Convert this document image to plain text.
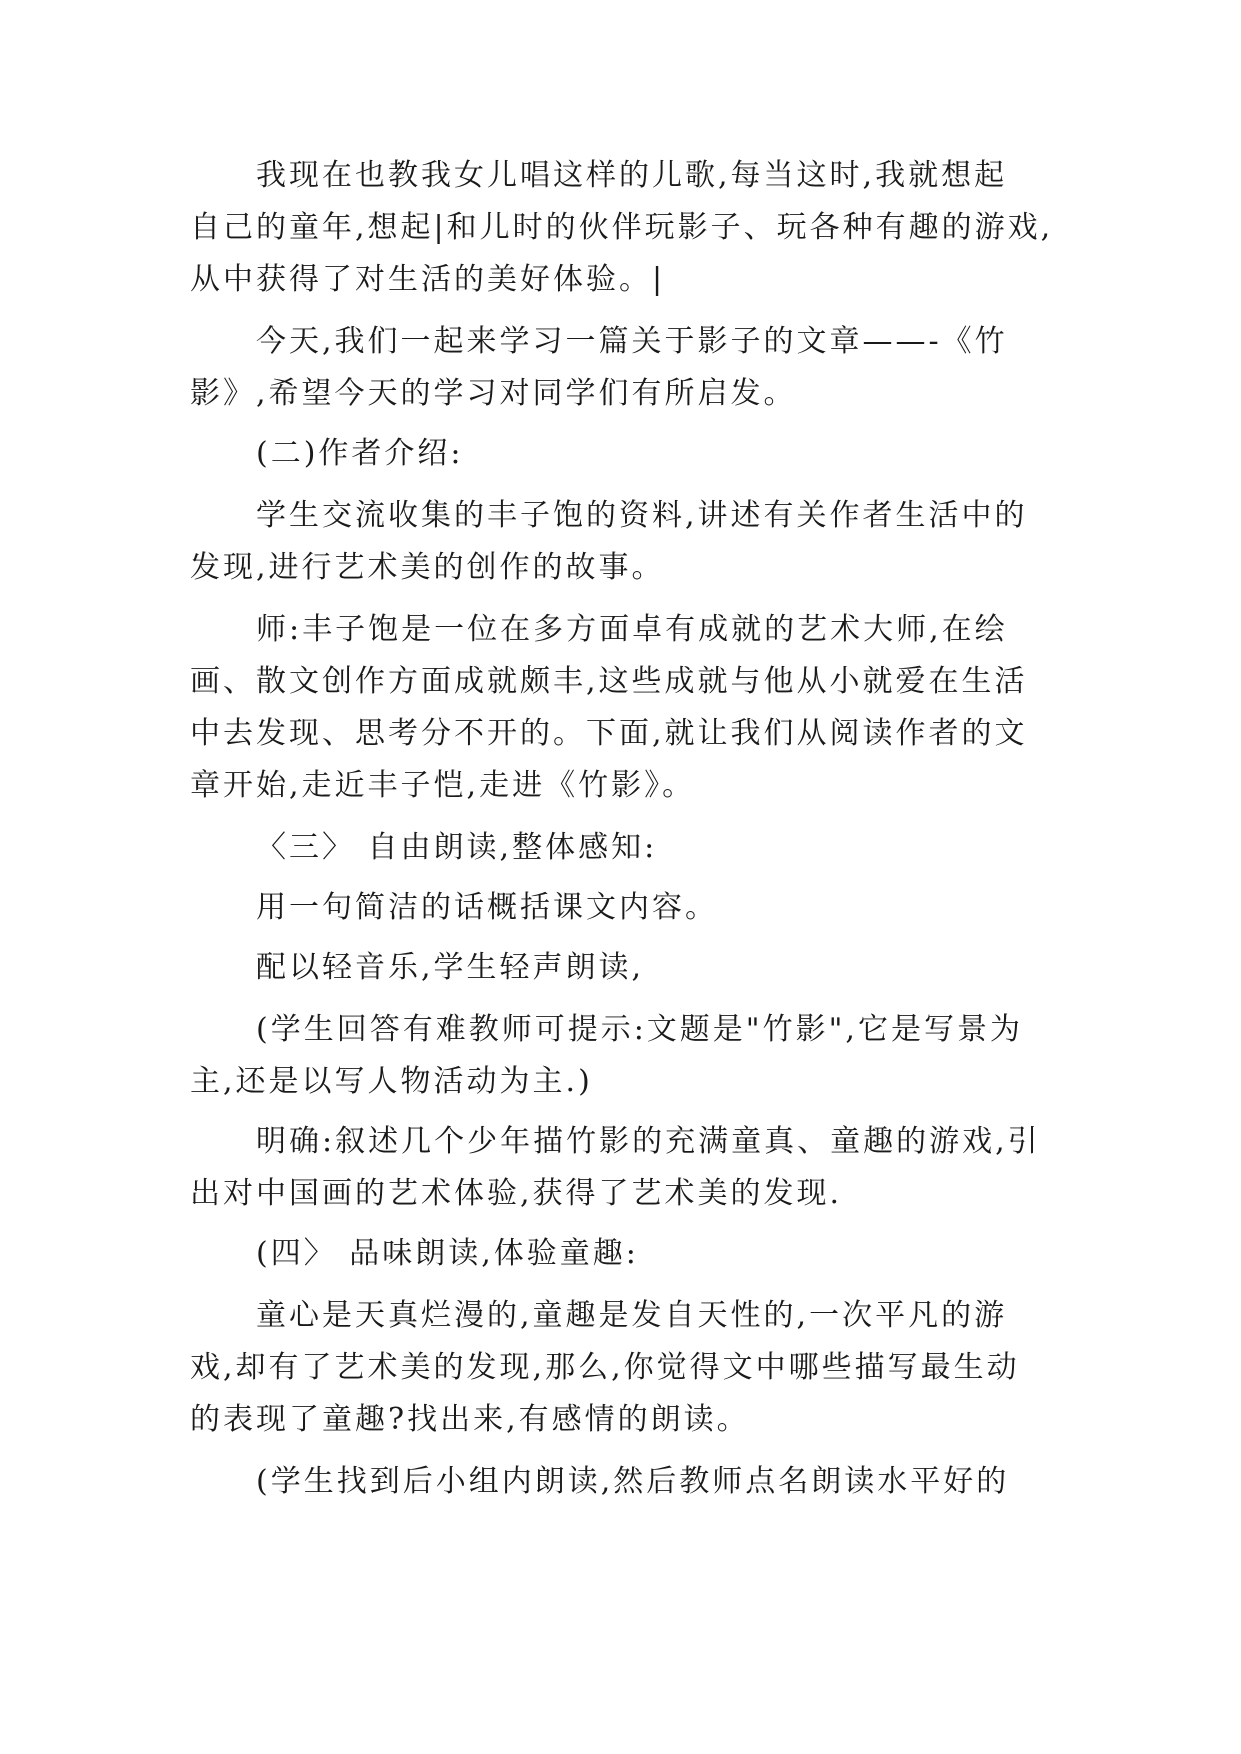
我现在也教我女儿唱这样的儿歌,每当这时,我就想起

自己的童年,想起|和儿时的伙伴玩影子、玩各种有趣的游戏,

从中获得了对生活的美好体验。|

今天,我们一起来学习一篇关于影子的文章——-《竹

影》,希望今天的学习对同学们有所启发。

(二)作者介绍:

学生交流收集的丰子饱的资料,讲述有关作者生活中的

发现,进行艺术美的创作的故事。

师:丰子饱是一位在多方面卓有成就的艺术大师,在绘

画、散文创作方面成就颇丰,这些成就与他从小就爱在生活

中去发现、思考分不开的。下面,就让我们从阅读作者的文

章开始,走近丰子恺,走进《竹影》。

〈三〉 自由朗读,整体感知:

用一句简洁的话概括课文内容。

配以轻音乐,学生轻声朗读,

(学生回答有难教师可提示:文题是"竹影",它是写景为

主,还是以写人物活动为主.)

明确:叙述几个少年描竹影的充满童真、童趣的游戏,引

出对中国画的艺术体验,获得了艺术美的发现.

(四〉 品味朗读,体验童趣:

童心是天真烂漫的,童趣是发自天性的,一次平凡的游

戏,却有了艺术美的发现,那么,你觉得文中哪些描写最生动

的表现了童趣?找出来,有感情的朗读。

(学生找到后小组内朗读,然后教师点名朗读水平好的
